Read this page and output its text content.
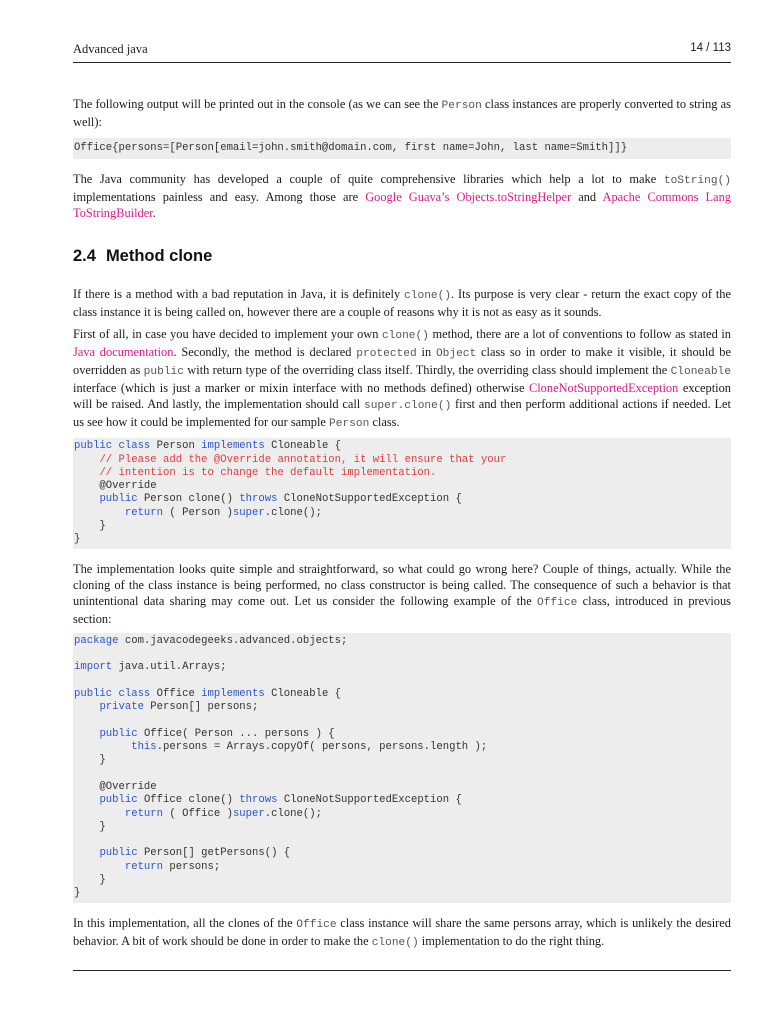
Advanced java	14 / 113

The following output will be printed out in the console (as we can see the Person class instances are properly converted to string as well):

Office{persons=[Person[email=john.smith@domain.com, first name=John, last name=Smith]]}

The Java community has developed a couple of quite comprehensive libraries which help a lot to make toString() implementations painless and easy. Among those are Google Guava’s Objects.toStringHelper and Apache Commons Lang ToStringBuilder.

2.4 Method clone

If there is a method with a bad reputation in Java, it is definitely clone(). Its purpose is very clear - return the exact copy of the class instance it is being called on, however there are a couple of reasons why it is not as easy as it sounds.

First of all, in case you have decided to implement your own clone() method, there are a lot of conventions to follow as stated in Java documentation. Secondly, the method is declared protected in Object class so in order to make it visible, it should be overridden as public with return type of the overriding class itself. Thirdly, the overriding class should implement the Cloneable interface (which is just a marker or mixin interface with no methods defined) otherwise CloneNotSupportedException exception will be raised. And lastly, the implementation should call super.clone() first and then perform additional actions if needed. Let us see how it could be implemented for our sample Person class.

public class Person implements Cloneable {
// Please add the @Override annotation, it will ensure that your
// intention is to change the default implementation.
@Override
public Person clone() throws CloneNotSupportedException {
return ( Person )super.clone();
}
}

The implementation looks quite simple and straightforward, so what could go wrong here? Couple of things, actually. While the cloning of the class instance is being performed, no class constructor is being called. The consequence of such a behavior is that unintentional data sharing may come out. Let us consider the following example of the Office class, introduced in previous section:

package com.javacodegeeks.advanced.objects;
import java.util.Arrays;
public class Office implements Cloneable {
private Person[] persons;
public Office( Person ... persons ) {
this.persons = Arrays.copyOf( persons, persons.length );
}
@Override
public Office clone() throws CloneNotSupportedException {
return ( Office )super.clone();
}
public Person[] getPersons() {
return persons;
}
}

In this implementation, all the clones of the Office class instance will share the same persons array, which is unlikely the desired behavior. A bit of work should be done in order to make the clone() implementation to do the right thing.
